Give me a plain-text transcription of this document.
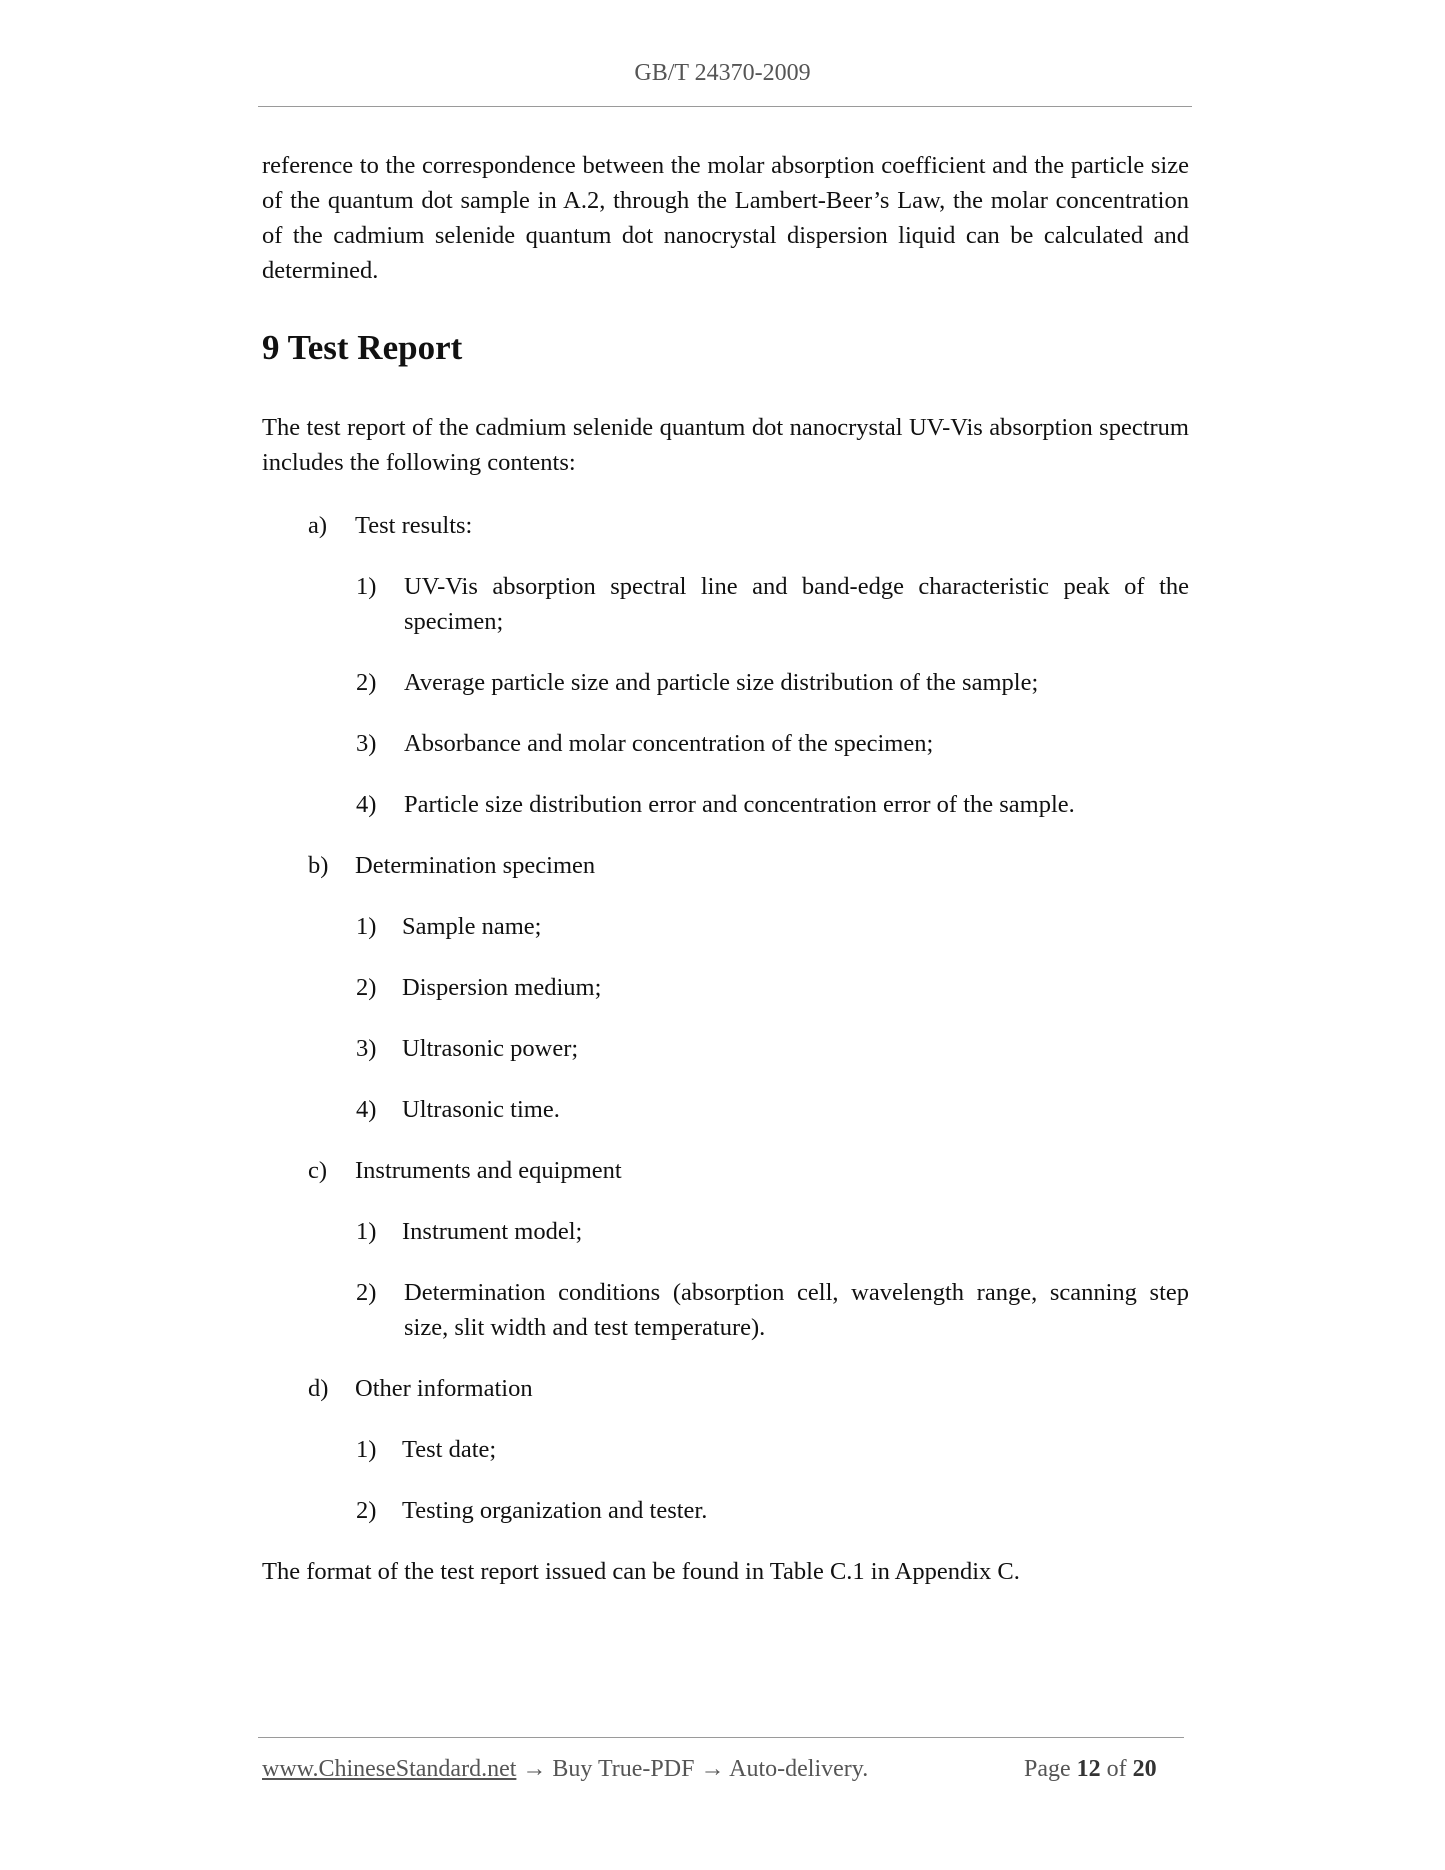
GB/T 24370-2009

reference to the correspondence between the molar absorption coefficient and the particle size of the quantum dot sample in A.2, through the Lambert-Beer’s Law, the molar concentration of the cadmium selenide quantum dot nanocrystal dispersion liquid can be calculated and determined.

9 Test Report

The test report of the cadmium selenide quantum dot nanocrystal UV-Vis absorption spectrum includes the following contents:

a) Test results:
1) UV-Vis absorption spectral line and band-edge characteristic peak of the specimen;
2) Average particle size and particle size distribution of the sample;
3) Absorbance and molar concentration of the specimen;
4) Particle size distribution error and concentration error of the sample.
b) Determination specimen
1) Sample name;
2) Dispersion medium;
3) Ultrasonic power;
4) Ultrasonic time.
c) Instruments and equipment
1) Instrument model;
2) Determination conditions (absorption cell, wavelength range, scanning step size, slit width and test temperature).
d) Other information
1) Test date;
2) Testing organization and tester.

The format of the test report issued can be found in Table C.1 in Appendix C.

www.ChineseStandard.net → Buy True-PDF → Auto-delivery.	Page 12 of 20
